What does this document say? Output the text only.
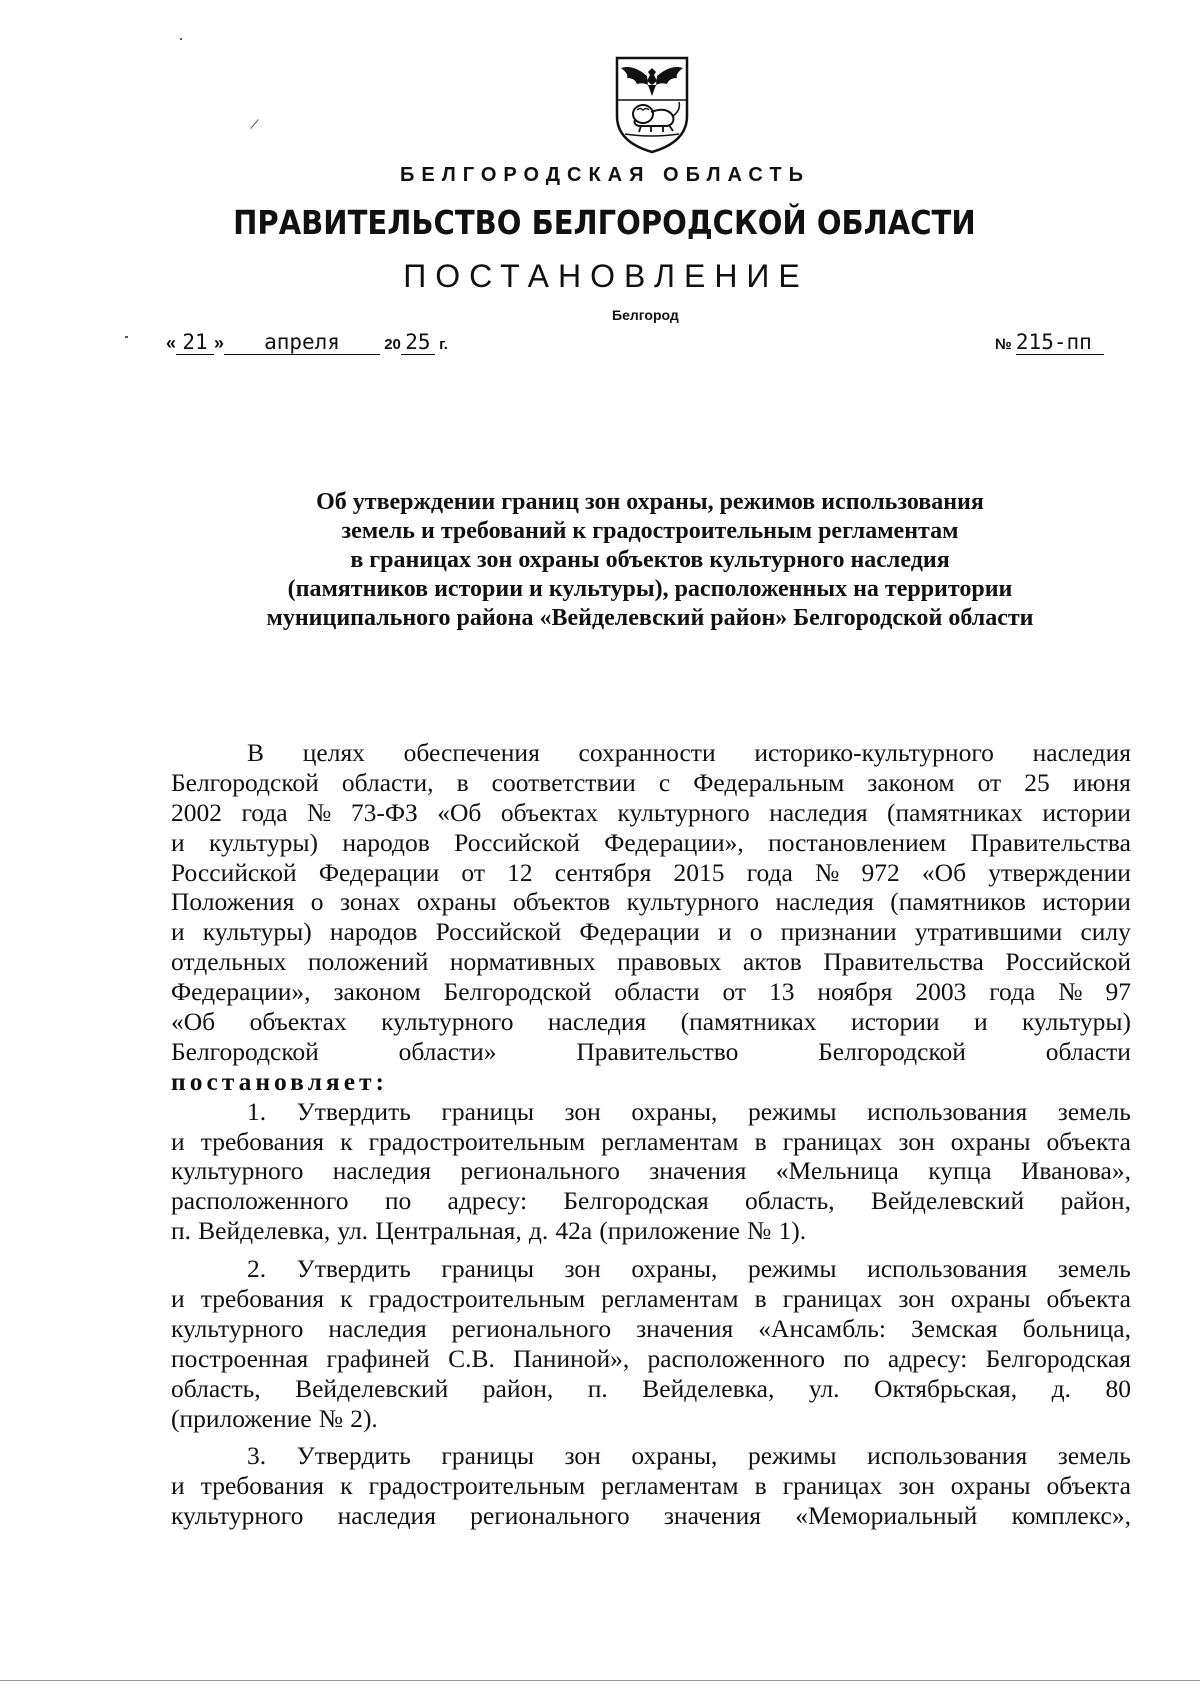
БЕЛГОРОДСКАЯ ОБЛАСТЬ
ПРАВИТЕЛЬСТВО БЕЛГОРОДСКОЙ ОБЛАСТИ
ПОСТАНОВЛЕНИЕ
Белгород
« 21 » апреля	20 25 г.	№ 215-пп
Об утверждении границ зон охраны, режимов использования
земель и требований к градостроительным регламентам
в границах зон охраны объектов культурного наследия
(памятников истории и культуры), расположенных на территории
муниципального района «Вейделевский район» Белгородской области
В целях обеспечения сохранности историко-культурного наследия
Белгородской области, в соответствии с Федеральным законом от 25 июня
2002 года № 73-ФЗ «Об объектах культурного наследия (памятниках истории
и культуры) народов Российской Федерации», постановлением Правительства
Российской Федерации от 12 сентября 2015 года № 972 «Об утверждении
Положения о зонах охраны объектов культурного наследия (памятников истории
и культуры) народов Российской Федерации и о признании утратившими силу
отдельных положений нормативных правовых актов Правительства Российской
Федерации», законом Белгородской области от 13 ноября 2003 года № 97
«Об объектах культурного наследия (памятниках истории и культуры)
Белгородской	области»	Правительство	Белгородской	области
постановляет:
1. Утвердить границы зон охраны, режимы использования земель
и требования к градостроительным регламентам в границах зон охраны объекта
культурного наследия регионального значения «Мельница купца Иванова»,
расположенного по адресу: Белгородская область, Вейделевский район,
п. Вейделевка, ул. Центральная, д. 42а (приложение № 1).
2. Утвердить границы зон охраны, режимы использования земель
и требования к градостроительным регламентам в границах зон охраны объекта
культурного наследия регионального значения «Ансамбль: Земская больница,
построенная графиней С.В. Паниной», расположенного по адресу: Белгородская
область, Вейделевский район, п. Вейделевка, ул. Октябрьская, д. 80
(приложение № 2).
3. Утвердить границы зон охраны, режимы использования земель
и требования к градостроительным регламентам в границах зон охраны объекта
культурного наследия регионального значения «Мемориальный комплекс»,
